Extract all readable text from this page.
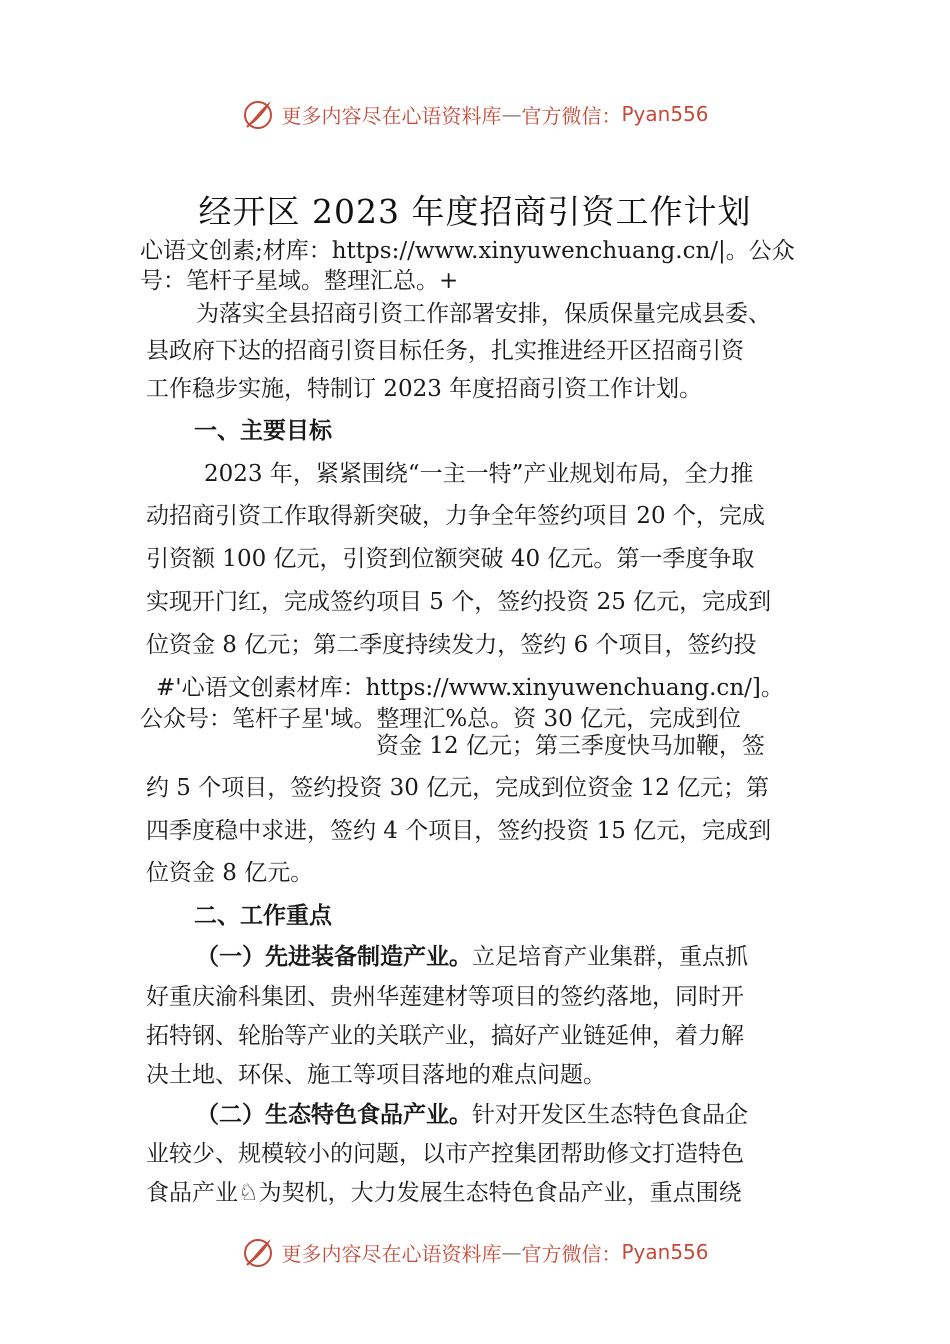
更多内容尽在心语资料库 — 官方微信： Pyan556
经开区 2023 年度招商引资工作计划
心语文创素;材库：https://www.xinyuwenchuang.cn/|。公众
号：笔杆子星域。整理汇总。+
为落实全县招商引资工作部署安排，保质保量完成县委、
县政府下达的招商引资目标任务，扎实推进经开区招商引资
工作稳步实施，特制订 2023 年度招商引资工作计划。
一、主要目标
2023 年，紧紧围绕“一主一特”产业规划布局，全力推
动招商引资工作取得新突破，力争全年签约项目 20 个，完成
引资额 100 亿元，引资到位额突破 40 亿元。第一季度争取
实现开门红，完成签约项目 5 个，签约投资 25 亿元，完成到
位资金 8 亿元；第二季度持续发力，签约 6 个项目，签约投
#'心语文创素材库：https://www.xinyuwenchuang.cn/]。
公众号：笔杆子星'域。整理汇%总。资 30 亿元，完成到位
资金 12 亿元；第三季度快马加鞭，签
约 5 个项目，签约投资 30 亿元，完成到位资金 12 亿元；第
四季度稳中求进，签约 4 个项目，签约投资 15 亿元，完成到
位资金 8 亿元。
二、工作重点
（一）先进装备制造产业。立足培育产业集群，重点抓
好重庆渝科集团、贵州华莲建材等项目的签约落地，同时开
拓特钢、轮胎等产业的关联产业，搞好产业链延伸，着力解
决土地、环保、施工等项目落地的难点问题。
（二）生态特色食品产业。针对开发区生态特色食品企
业较少、规模较小的问题，以市产控集团帮助修文打造特色
食品产业♘为契机，大力发展生态特色食品产业，重点围绕
更多内容尽在心语资料库 — 官方微信： Pyan556
